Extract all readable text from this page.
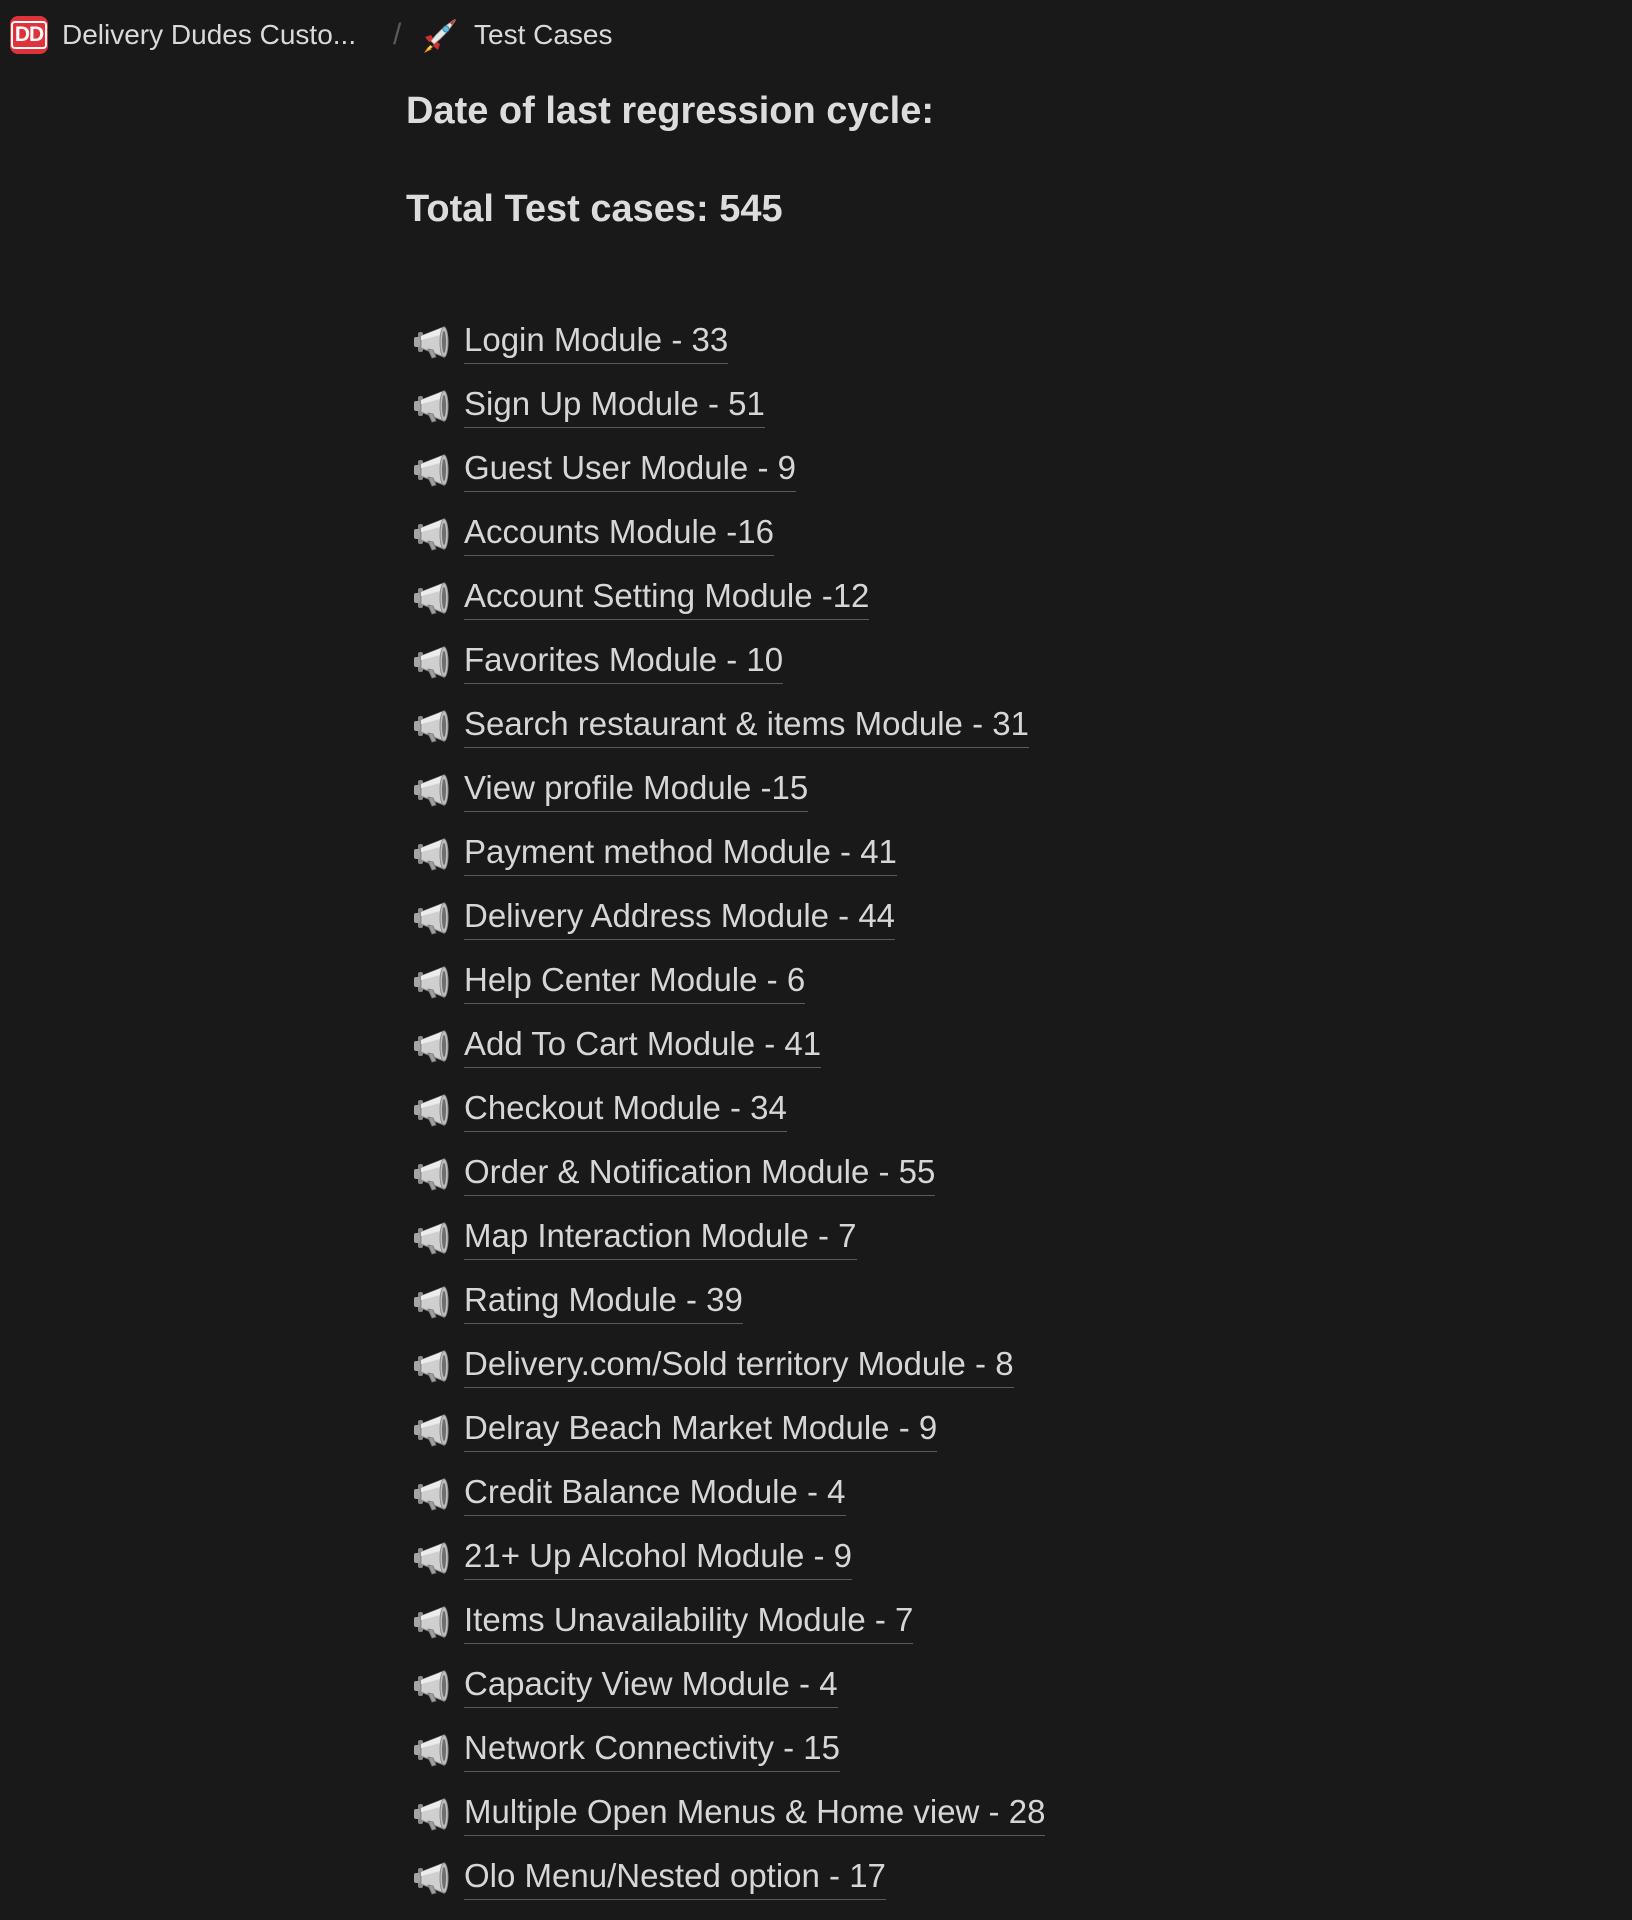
DD Delivery Dudes Custo... /	Test Cases
Date of last regression cycle:
Total Test cases: 545
Login Module - 33
Sign Up Module - 51
Guest User Module - 9
Accounts Module -16
Account Setting Module -12
Favorites Module - 10
Search restaurant & items Module - 31
View profile Module -15
Payment method Module - 41
Delivery Address Module - 44
Help Center Module - 6
Add To Cart Module - 41
Checkout Module - 34
Order & Notification Module - 55
Map Interaction Module - 7
Rating Module - 39
Delivery.com/Sold territory Module - 8
Delray Beach Market Module - 9
Credit Balance Module - 4
21+ Up Alcohol Module - 9
Items Unavailability Module - 7
Capacity View Module - 4
Network Connectivity - 15
Multiple Open Menus & Home view - 28
Olo Menu/Nested option - 17
